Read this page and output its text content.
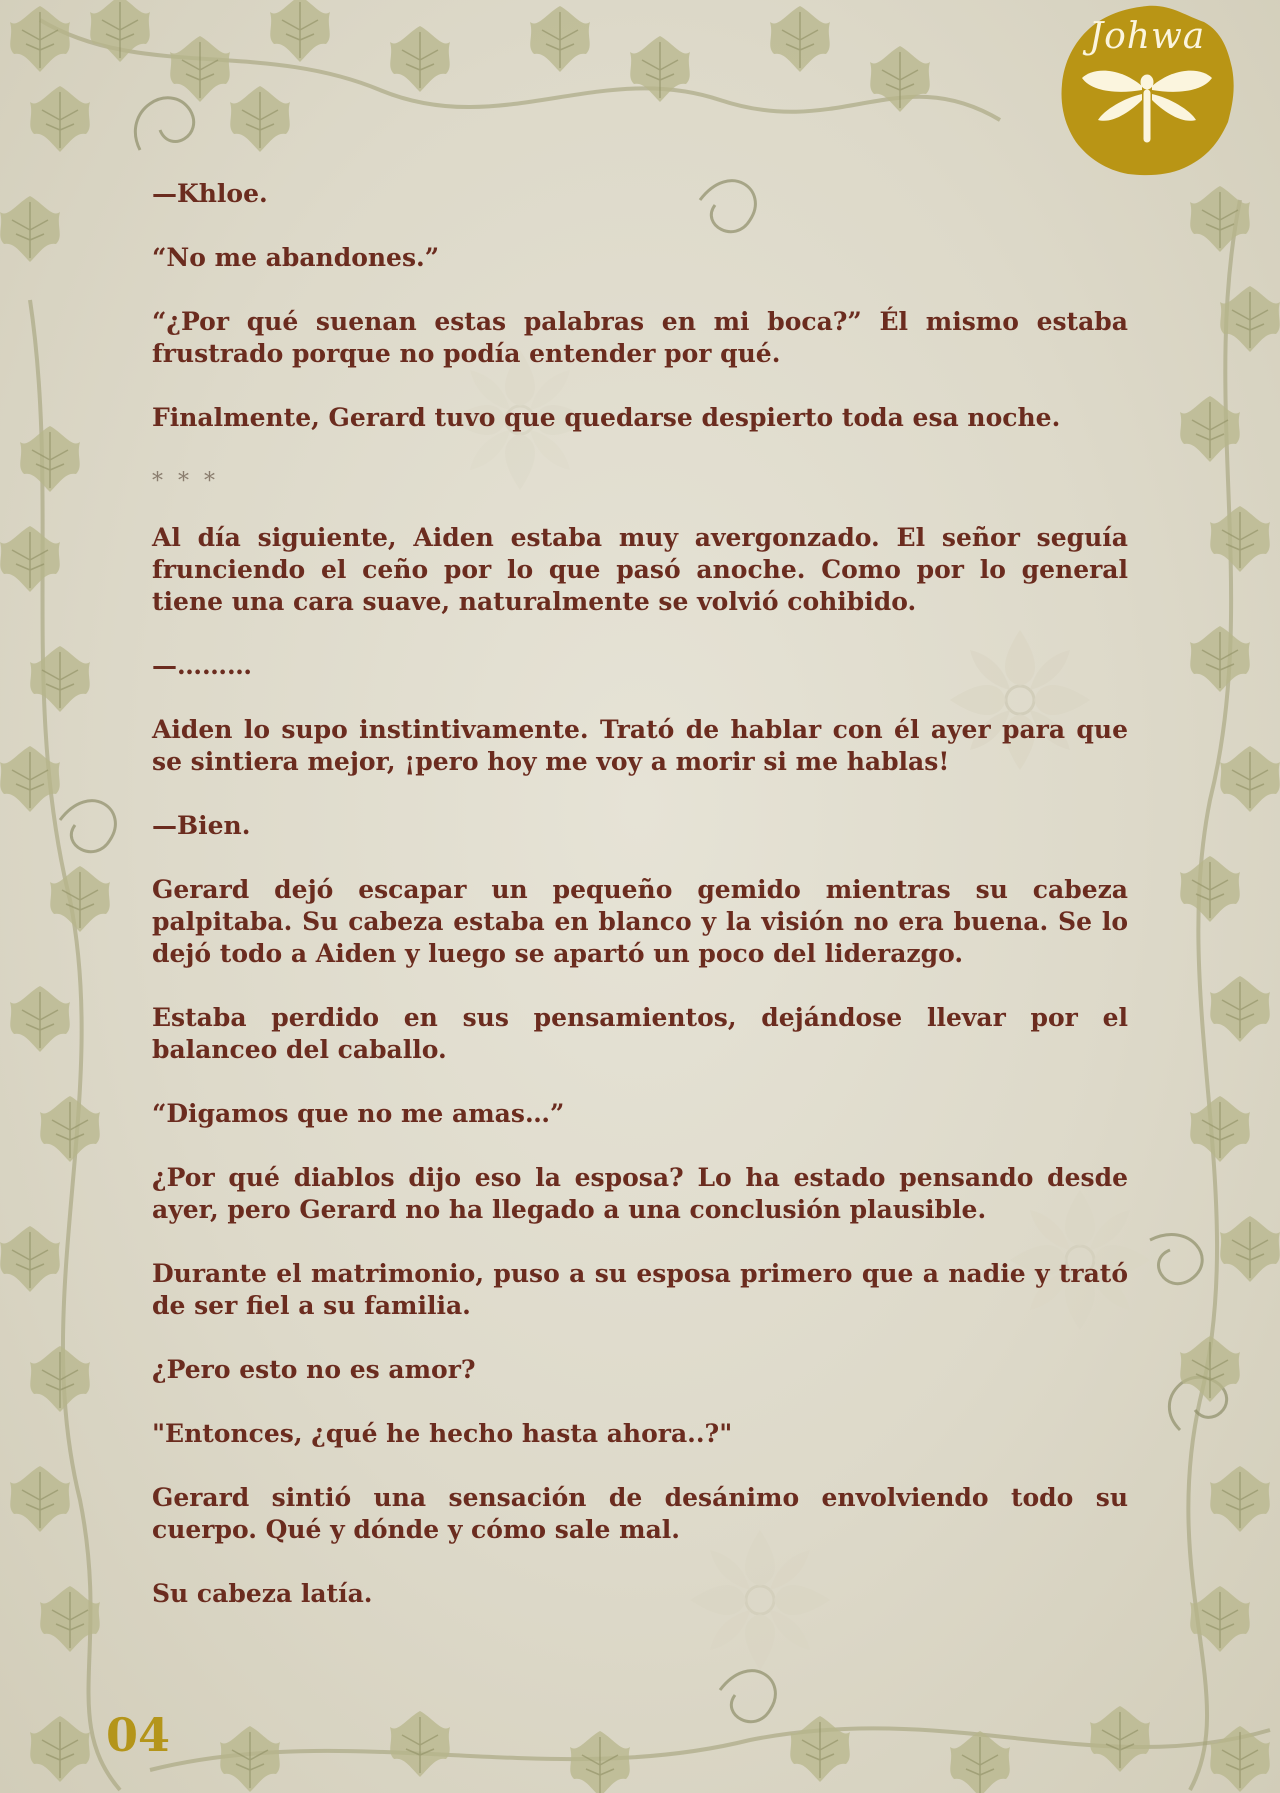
Johwa

—Khloe.

“No me abandones.”

“¿Por qué suenan estas palabras en mi boca?” Él mismo estaba frustrado porque no podía entender por qué.

Finalmente, Gerard tuvo que quedarse despierto toda esa noche.

* * *

Al día siguiente, Aiden estaba muy avergonzado. El señor seguía frunciendo el ceño por lo que pasó anoche. Como por lo general tiene una cara suave, naturalmente se volvió cohibido.

—………

Aiden lo supo instintivamente. Trató de hablar con él ayer para que se sintiera mejor, ¡pero hoy me voy a morir si me hablas!

—Bien.

Gerard dejó escapar un pequeño gemido mientras su cabeza palpitaba. Su cabeza estaba en blanco y la visión no era buena. Se lo dejó todo a Aiden y luego se apartó un poco del liderazgo.

Estaba perdido en sus pensamientos, dejándose llevar por el balanceo del caballo.

“Digamos que no me amas…”

¿Por qué diablos dijo eso la esposa? Lo ha estado pensando desde ayer, pero Gerard no ha llegado a una conclusión plausible.

Durante el matrimonio, puso a su esposa primero que a nadie y trató de ser fiel a su familia.

¿Pero esto no es amor?

"Entonces, ¿qué he hecho hasta ahora..?"

Gerard sintió una sensación de desánimo envolviendo todo su cuerpo. Qué y dónde y cómo sale mal.

Su cabeza latía.

04
